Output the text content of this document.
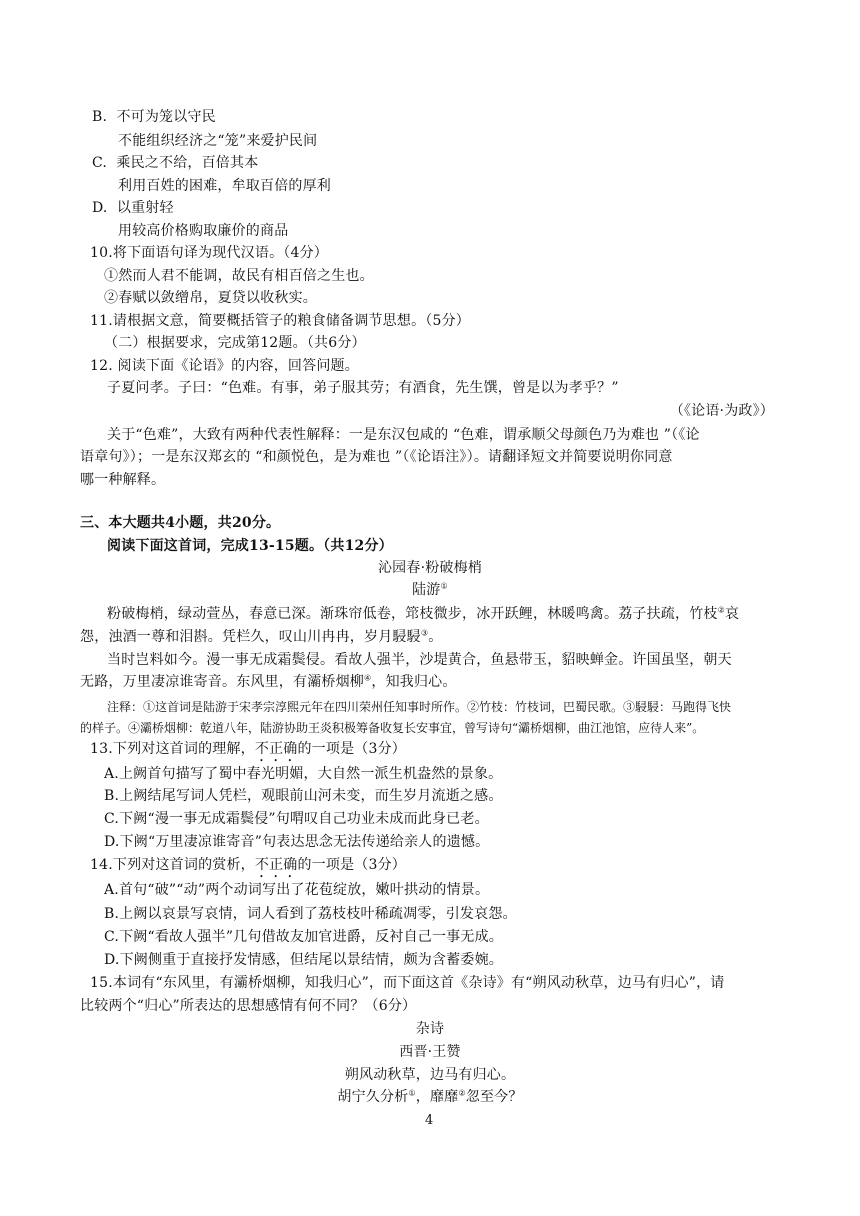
B. 不可为笼以守民
不能组织经济之“笼”来爱护民间
C. 乘民之不给，百倍其本
利用百姓的困难，牟取百倍的厚利
D. 以重射轻
用较高价格购取廉价的商品
10.将下面语句译为现代汉语。（4分）
①然而人君不能调，故民有相百倍之生也。
②春赋以敛缯帛，夏贷以收秋实。
11.请根据文意，简要概括管子的粮食储备调节思想。（5分）
（二）根据要求，完成第12题。（共6分）
12. 阅读下面《论语》的内容，回答问题。
子夏问孝。子曰：“色难。有事，弟子服其劳；有酒食，先生馔，曾是以为孝乎？”
（《论语·为政》）
关于“色难”，大致有两种代表性解释：一是东汉包咸的 “色难，谓承顺父母颜色乃为难也 ”（《论
语章句》）；一是东汉郑玄的 “和颜悦色，是为难也 ”（《论语注》）。请翻译短文并简要说明你同意
哪一种解释。
三、本大题共4小题，共20分。
阅读下面这首词，完成13-15题。（共12分）
沁园春·粉破梅梢
陆游①
粉破梅梢，绿动萱丛，春意已深。渐珠帘低卷，筇枝微步，冰开跃鲤，林暖鸣禽。荔子扶疏，竹枝②哀
怨，浊酒一尊和泪斟。凭栏久，叹山川冉冉，岁月駸駸③。
当时岂料如今。漫一事无成霜鬓侵。看故人强半，沙堤黄合，鱼悬带玉，貂映蝉金。许国虽坚，朝天
无路，万里凄凉谁寄音。东风里，有灞桥烟柳④，知我归心。
注释：①这首词是陆游于宋孝宗淳熙元年在四川荣州任知事时所作。②竹枝：竹枝词，巴蜀民歌。③駸駸：马跑得飞快
的样子。④灞桥烟柳：乾道八年，陆游协助王炎积极筹备收复长安事宜，曾写诗句“灞桥烟柳，曲江池馆，应待人来”。
13.下列对这首词的理解，不正确的一项是（3分）
A.上阙首句描写了蜀中春光明媚，大自然一派生机盎然的景象。
B.上阙结尾写词人凭栏，观眼前山河未变，而生岁月流逝之感。
C.下阙“漫一事无成霜鬓侵”句喟叹自己功业未成而此身已老。
D.下阙“万里凄凉谁寄音”句表达思念无法传递给亲人的遗憾。
14.下列对这首词的赏析，不正确的一项是（3分）
A.首句“破”“动”两个动词写出了花苞绽放，嫩叶拱动的情景。
B.上阙以哀景写哀情，词人看到了荔枝枝叶稀疏凋零，引发哀怨。
C.下阙“看故人强半”几句借故友加官进爵，反衬自己一事无成。
D.下阙侧重于直接抒发情感，但结尾以景结情，颇为含蓄委婉。
15.本词有“东风里，有灞桥烟柳，知我归心”，而下面这首《杂诗》有“朔风动秋草，边马有归心”，请
比较两个“归心”所表达的思想感情有何不同？（6分）
杂诗
西晋·王赞
朔风动秋草，边马有归心。
胡宁久分析①，靡靡②忽至今？
4
